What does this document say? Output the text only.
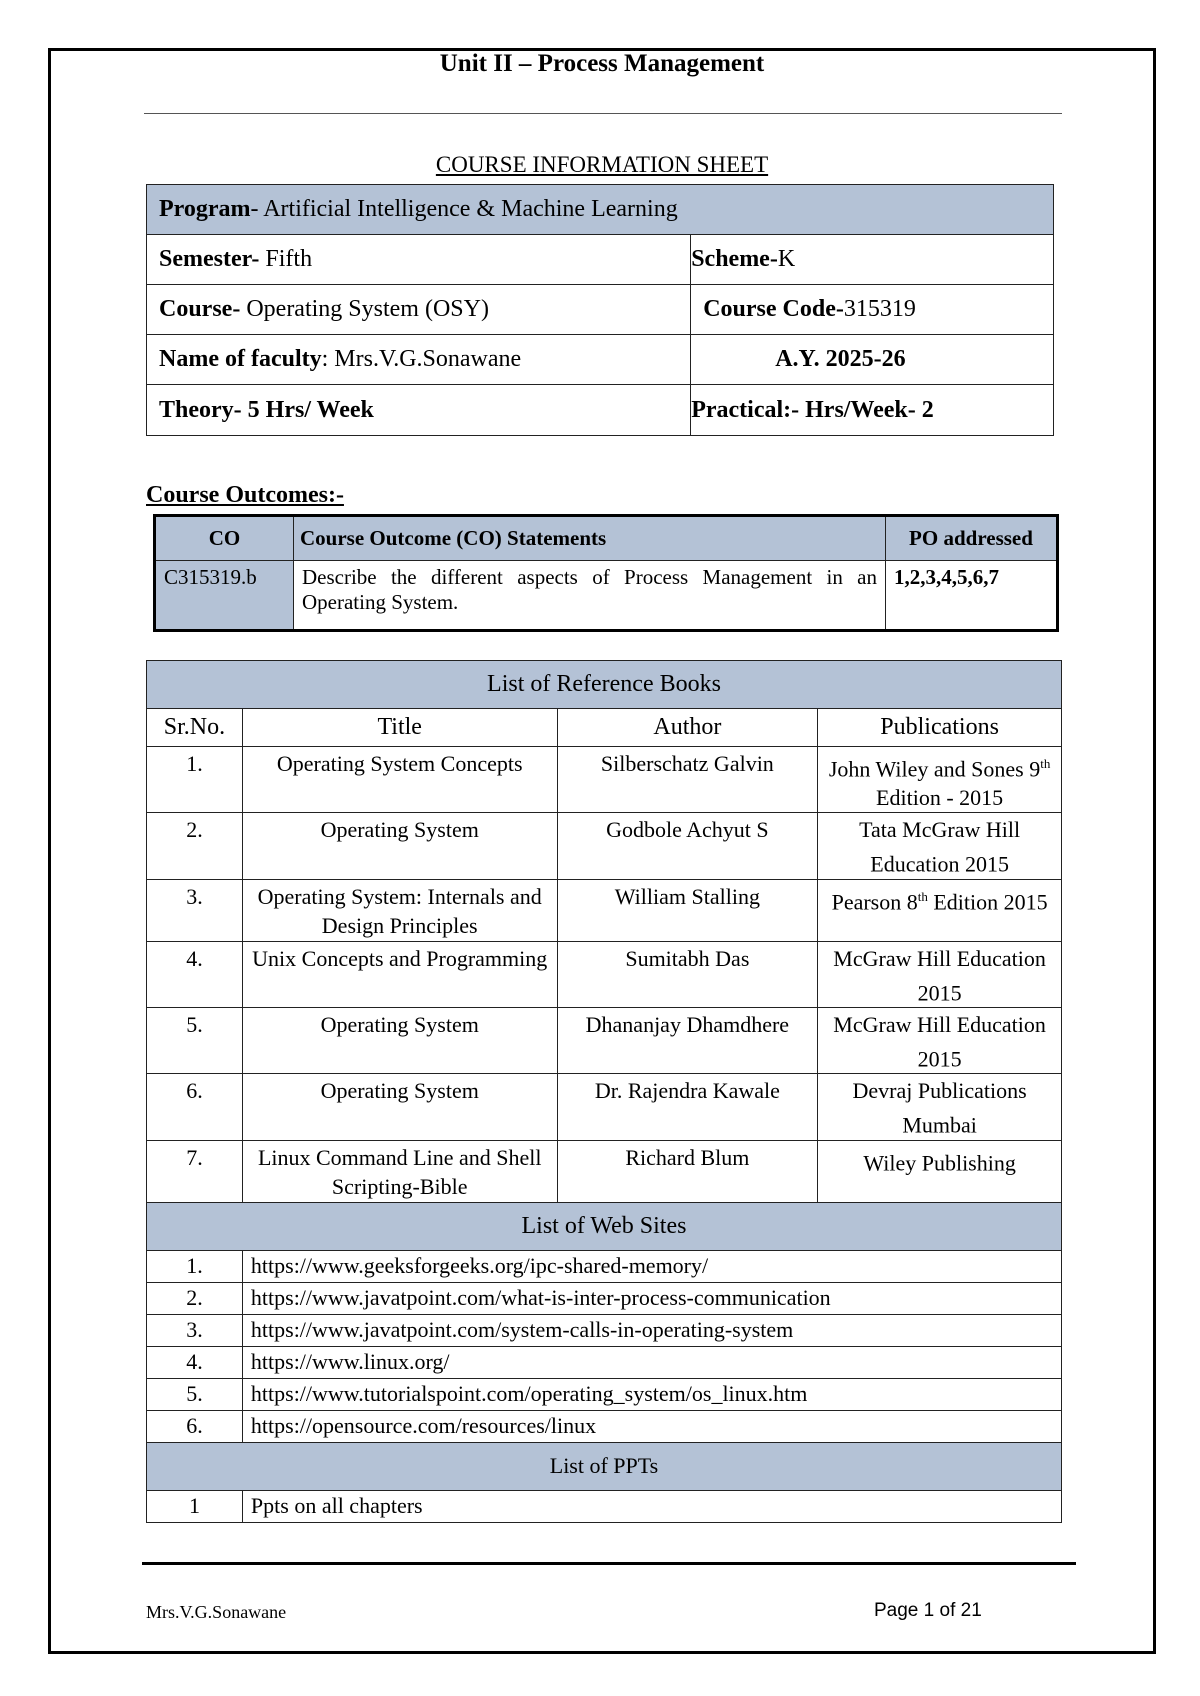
Unit II – Process Management
COURSE INFORMATION SHEET
Program- Artificial Intelligence & Machine Learning	
Semester- Fifth	Scheme-K
Course- Operating System (OSY)	Course Code-315319
Name of faculty: Mrs.V.G.Sonawane	A.Y. 2025-26
Theory- 5 Hrs/ Week	Practical:- Hrs/Week- 2
Course Outcomes:-
CO	Course Outcome (CO) Statements	PO addressed
C315319.b	Describe the different aspects of Process Management in an Operating System.	1,2,3,4,5,6,7
List of Reference Books			
Sr.No.	Title	Author	Publications
1.	Operating System Concepts	Silberschatz Galvin	John Wiley and Sones 9th Edition - 2015
2.	Operating System	Godbole Achyut S	Tata McGraw Hill Education 2015
3.	Operating System: Internals and Design Principles	William Stalling	Pearson 8th Edition 2015
4.	Unix Concepts and Programming	Sumitabh Das	McGraw Hill Education 2015
5.	Operating System	Dhananjay Dhamdhere	McGraw Hill Education 2015
6.	Operating System	Dr. Rajendra Kawale	Devraj Publications Mumbai
7.	Linux Command Line and Shell Scripting-Bible	Richard Blum	Wiley Publishing
List of Web Sites			
1.	https://www.geeksforgeeks.org/ipc-shared-memory/		
2.	https://www.javatpoint.com/what-is-inter-process-communication		
3.	https://www.javatpoint.com/system-calls-in-operating-system		
4.	https://www.linux.org/		
5.	https://www.tutorialspoint.com/operating_system/os_linux.htm		
6.	https://opensource.com/resources/linux		
List of PPTs			
1	Ppts on all chapters		
Mrs.V.G.Sonawane	Page 1 of 21
